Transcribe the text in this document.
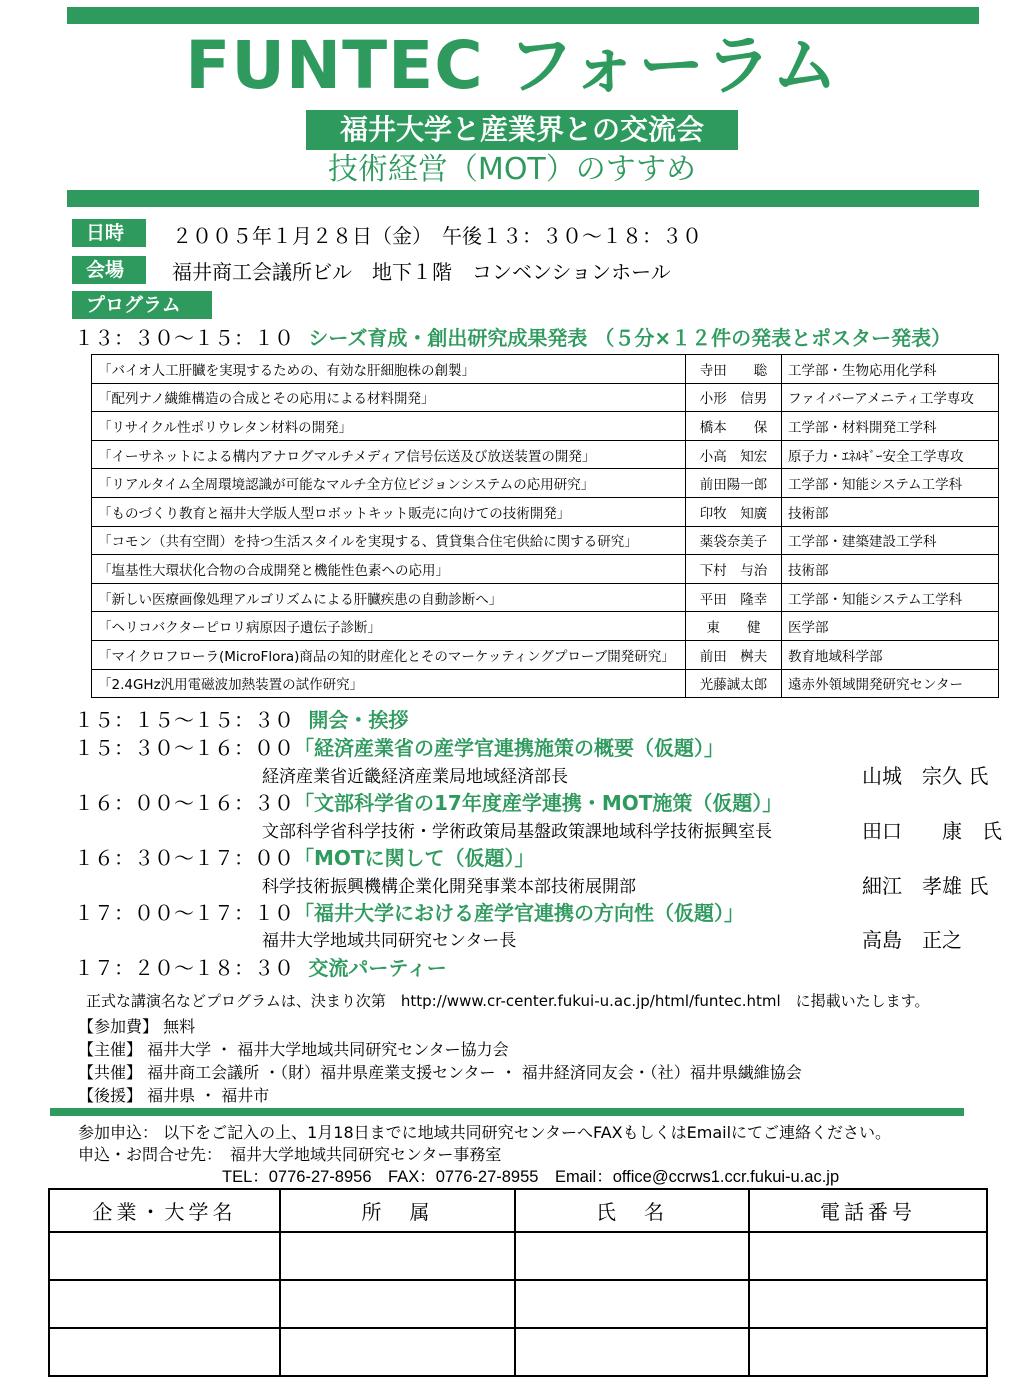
FUNTEC フォーラム
福井大学と産業界との交流会
技術経営（MOT）のすすめ
日時	２００５年１月２８日（金）　午後１３：３０～１８：３０
会場	福井商工会議所ビル　地下１階　コンベンションホール
プログラム
１３：３０～１５：１０ シーズ育成・創出研究成果発表 （５分×１２件の発表とポスター発表）
「バイオ人工肝臓を実現するための、有効な肝細胞株の創製」	寺田　　聡	工学部・生物応用化学科
「配列ナノ繊維構造の合成とその応用による材料開発」	小形　信男	ファイバーアメニティ工学専攻
「リサイクル性ポリウレタン材料の開発」	橋本　　保	工学部・材料開発工学科
「イーサネットによる構内アナログマルチメディア信号伝送及び放送装置の開発」	小高　知宏	原子力・ｴﾈﾙｷﾞｰ安全工学専攻
「リアルタイム全周環境認識が可能なマルチ全方位ビジョンシステムの応用研究」	前田陽一郎	工学部・知能システム工学科
「ものづくり教育と福井大学版人型ロボットキット販売に向けての技術開発」	印牧　知廣	技術部
「コモン（共有空間）を持つ生活スタイルを実現する、賃貸集合住宅供給に関する研究」	薬袋奈美子	工学部・建築建設工学科
「塩基性大環状化合物の合成開発と機能性色素への応用」	下村　与治	技術部
「新しい医療画像処理アルゴリズムによる肝臓疾患の自動診断へ」	平田　隆幸	工学部・知能システム工学科
「ヘリコバクターピロリ病原因子遺伝子診断」	東　　健	医学部
「マイクロフローラ(MicroFlora)商品の知的財産化とそのマーケッティングプローブ開発研究」	前田　桝夫	教育地域科学部
「2.4GHz汎用電磁波加熱装置の試作研究」	光藤誠太郎	遠赤外領域開発研究センター
１５：１５～１５：３０ 開会・挨拶
１５：３０～１６：００「経済産業省の産学官連携施策の概要（仮題）」
経済産業省近畿経済産業局地域経済部長	山城　宗久 氏
１６：００～１６：３０「文部科学省の17年度産学連携・MOT施策（仮題）」
文部科学省科学技術・学術政策局基盤政策課地域科学技術振興室長	田口　　康　氏
１６：３０～１７：００「MOTに関して（仮題）」
科学技術振興機構企業化開発事業本部技術展開部	細江　孝雄 氏
１７：００～１７：１０「福井大学における産学官連携の方向性（仮題）」
福井大学地域共同研究センター長	高島　正之
１７：２０～１８：３０ 交流パーティー
正式な講演名などプログラムは、決まり次第　http://www.cr-center.fukui-u.ac.jp/html/funtec.html　に掲載いたします。
【参加費】 無料
【主催】 福井大学 ・ 福井大学地域共同研究センター協力会
【共催】 福井商工会議所 ・（財）福井県産業支援センター ・ 福井経済同友会・（社）福井県繊維協会
【後援】 福井県 ・ 福井市
参加申込： 以下をご記入の上、1月18日までに地域共同研究センターへFAXもしくはEmailにてご連絡ください。
申込・お問合せ先：　福井大学地域共同研究センター事務室
TEL：0776-27-8956　FAX：0776-27-8955　Email：office@ccrws1.ccr.fukui-u.ac.jp
企業・大学名	所　属	氏　名	電話番号
